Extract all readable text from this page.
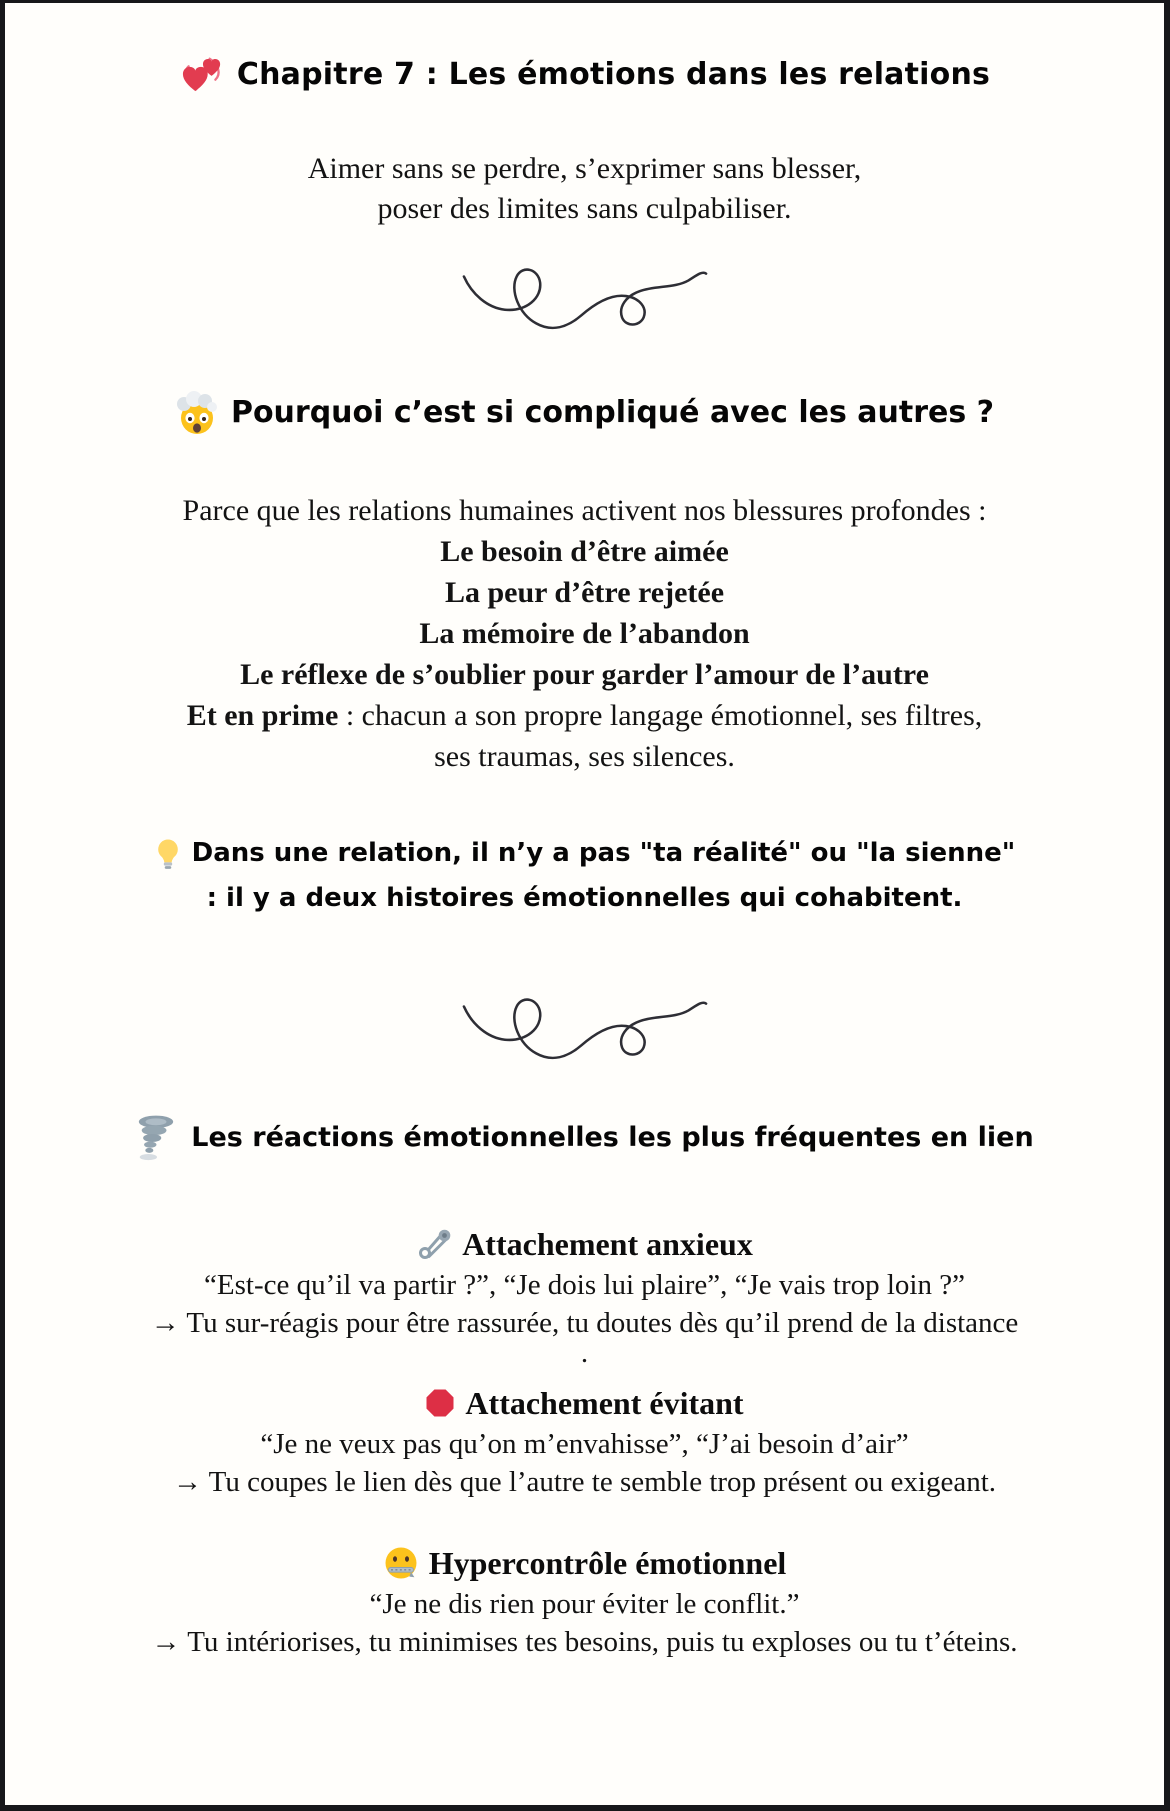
Chapitre 7 : Les émotions dans les relations
Aimer sans se perdre, s’exprimer sans blesser,
poser des limites sans culpabiliser.
Pourquoi c’est si compliqué avec les autres ?
Parce que les relations humaines activent nos blessures profondes :
Le besoin d’être aimée
La peur d’être rejetée
La mémoire de l’abandon
Le réflexe de s’oublier pour garder l’amour de l’autre
Et en prime : chacun a son propre langage émotionnel, ses filtres,
ses traumas, ses silences.
Dans une relation, il n’y a pas "ta réalité" ou "la sienne"
: il y a deux histoires émotionnelles qui cohabitent.
Les réactions émotionnelles les plus fréquentes en lien
Attachement anxieux
“Est-ce qu’il va partir ?”, “Je dois lui plaire”, “Je vais trop loin ?”
→ Tu sur-réagis pour être rassurée, tu doutes dès qu’il prend de la distance
.
Attachement évitant
“Je ne veux pas qu’on m’envahisse”, “J’ai besoin d’air”
→ Tu coupes le lien dès que l’autre te semble trop présent ou exigeant.
Hypercontrôle émotionnel
“Je ne dis rien pour éviter le conflit.”
→ Tu intériorises, tu minimises tes besoins, puis tu exploses ou tu t’éteins.
